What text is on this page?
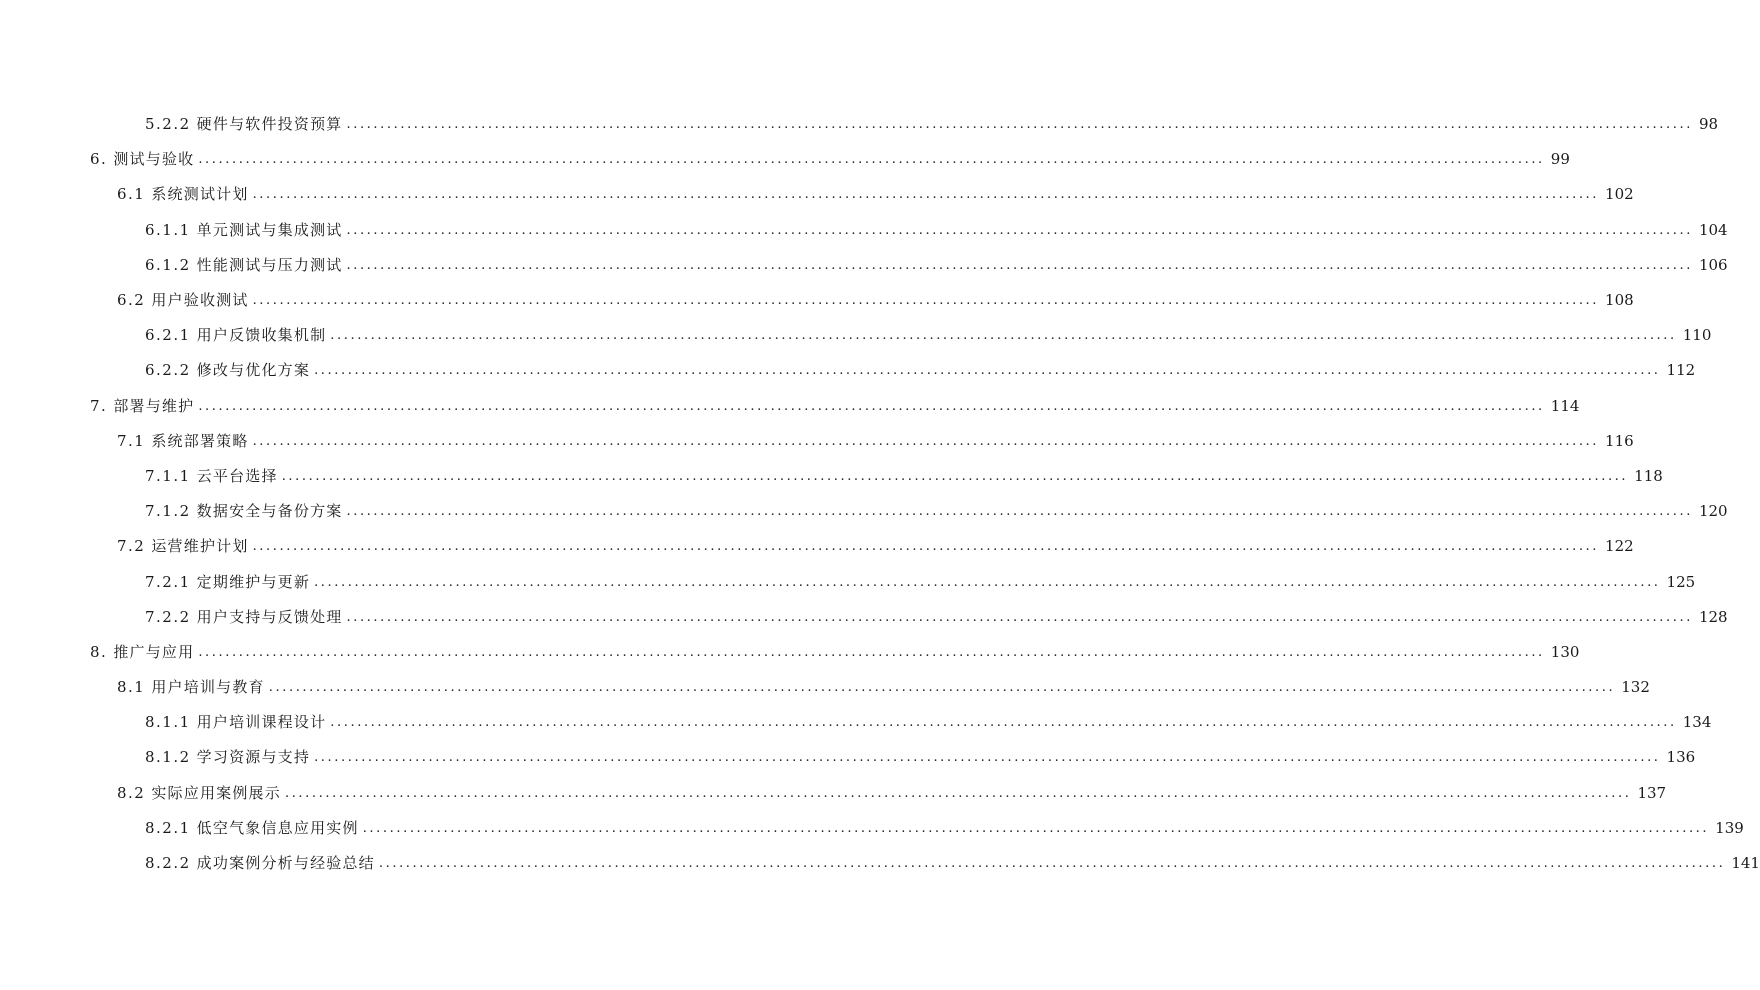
5.2.2 硬件与软件投资预算 ........................................................................................................................................................................................................ 98
6. 测试与验收 ........................................................................................................................................................................................................ 99
6.1 系统测试计划 ........................................................................................................................................................................................................ 102
6.1.1 单元测试与集成测试 ........................................................................................................................................................................................................ 104
6.1.2 性能测试与压力测试 ........................................................................................................................................................................................................ 106
6.2 用户验收测试 ........................................................................................................................................................................................................ 108
6.2.1 用户反馈收集机制 ........................................................................................................................................................................................................ 110
6.2.2 修改与优化方案 ........................................................................................................................................................................................................ 112
7. 部署与维护 ........................................................................................................................................................................................................ 114
7.1 系统部署策略 ........................................................................................................................................................................................................ 116
7.1.1 云平台选择 ........................................................................................................................................................................................................ 118
7.1.2 数据安全与备份方案 ........................................................................................................................................................................................................ 120
7.2 运营维护计划 ........................................................................................................................................................................................................ 122
7.2.1 定期维护与更新 ........................................................................................................................................................................................................ 125
7.2.2 用户支持与反馈处理 ........................................................................................................................................................................................................ 128
8. 推广与应用 ........................................................................................................................................................................................................ 130
8.1 用户培训与教育 ........................................................................................................................................................................................................ 132
8.1.1 用户培训课程设计 ........................................................................................................................................................................................................ 134
8.1.2 学习资源与支持 ........................................................................................................................................................................................................ 136
8.2 实际应用案例展示 ........................................................................................................................................................................................................ 137
8.2.1 低空气象信息应用实例 ........................................................................................................................................................................................................ 139
8.2.2 成功案例分析与经验总结 ........................................................................................................................................................................................................ 141
